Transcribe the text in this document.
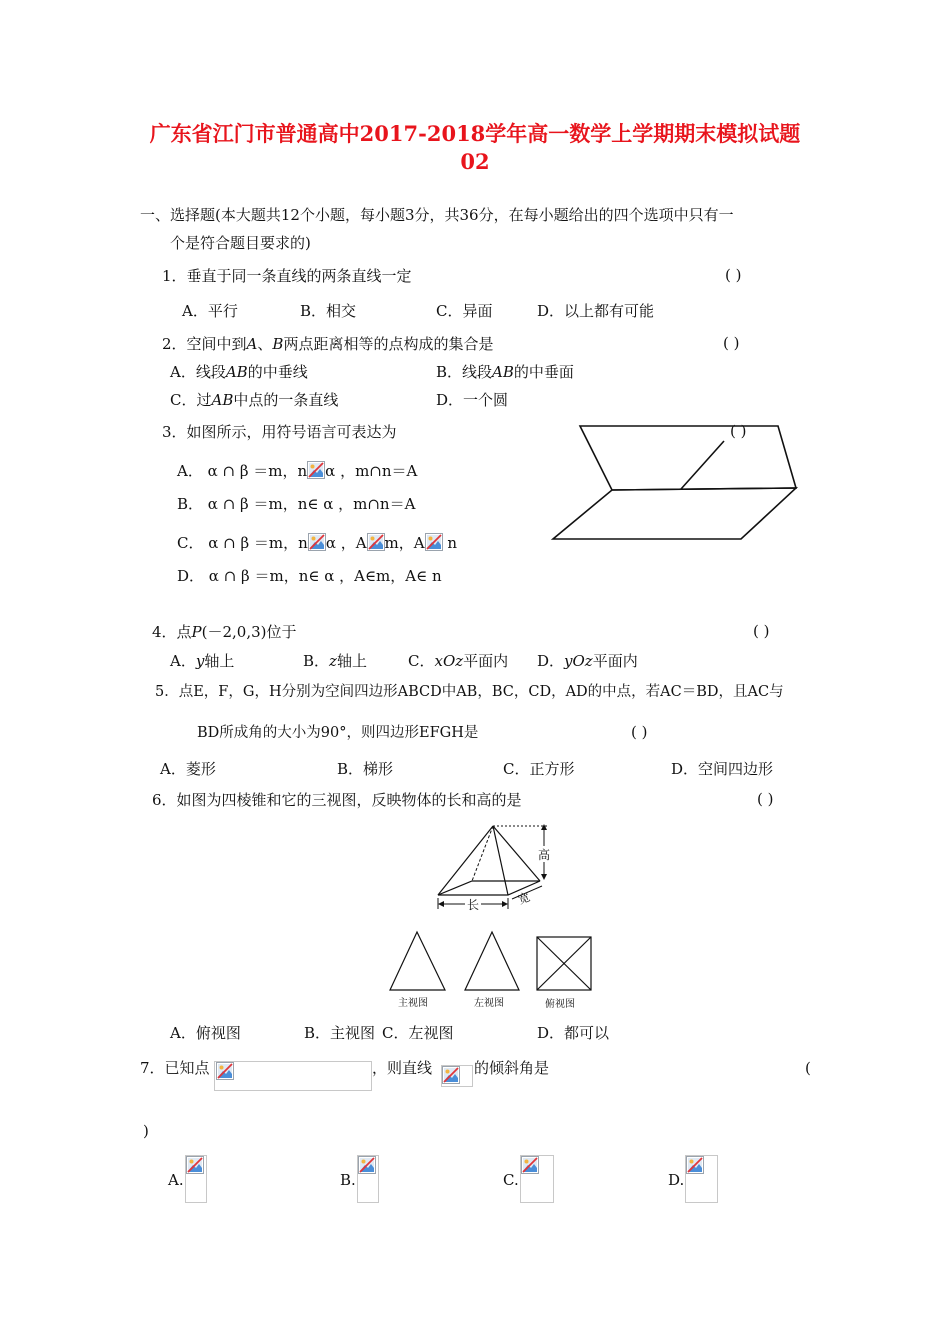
广东省江门市普通高中2017-2018学年高一数学上学期期末模拟试题
02
一、选择题(本大题共12个小题，每小题3分，共36分，在每小题给出的四个选项中只有一
个是符合题目要求的)
1．垂直于同一条直线的两条直线一定	( )
A．平行	B．相交	C．异面	D．以上都有可能
2．空间中到A、B两点距离相等的点构成的集合是	( )
A．线段AB的中垂线	B．线段AB的中垂面
C．过AB中点的一条直线	D．一个圆
3．如图所示，用符号语言可表达为	( )
A． α ∩ β ＝m，n α ，m∩n＝A
B． α ∩ β ＝m，n∈ α ，m∩n＝A
C． α ∩ β ＝m，n α ，A m，A n
D． α ∩ β ＝m，n∈ α ，A∈m，A∈ n
4．点P(－2,0,3)位于	( )
A．y轴上	B．z轴上	C．xOz平面内 D．yOz平面内
5．点E，F，G，H分别为空间四边形ABCD中AB，BC，CD，AD的中点，若AC＝BD，且AC与
BD所成角的大小为90°，则四边形EFGH是	( )
A．菱形	B．梯形	C．正方形	D．空间四边形
6．如图为四棱锥和它的三视图，反映物体的长和高的是	( )
高
长	宽
主视图	左视图	俯视图
A．俯视图	B．主视图 C．左视图	D．都可以
7．已知点	，则直线	的倾斜角是	(
)
A.	B.	C.	D.
